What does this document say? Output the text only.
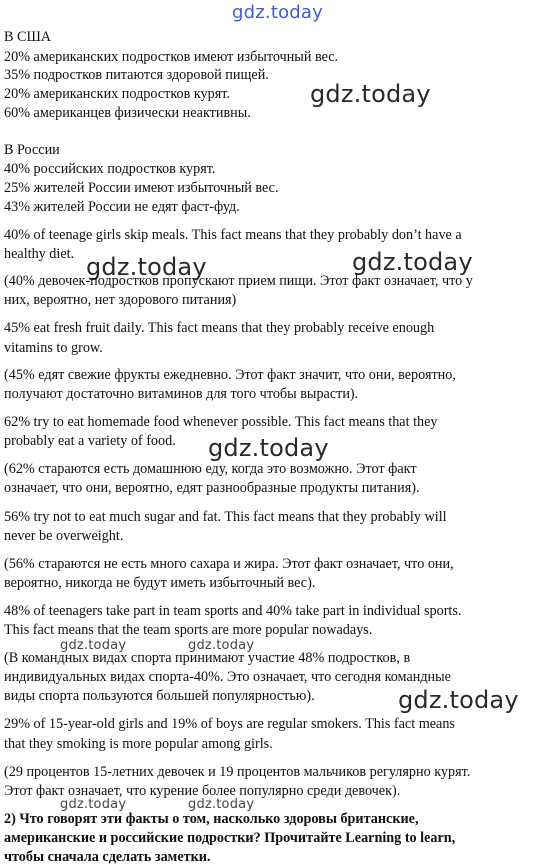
gdz.today
gdz.today
gdz.today	gdz.today
gdz.today
gdz.today	gdz.today
gdz.today
gdz.today	gdz.today
В США
20% американских подростков имеют избыточный вес.
35% подростков питаются здоровой пищей.
20% американских подростков курят.
60% американцев физически неактивны.
В России
40% российских подростков курят.
25% жителей России имеют избыточный вес.
43% жителей России не едят фаст-фуд.
40% of teenage girls skip meals. This fact means that they probably don’t have a
healthy diet.
(40% девочек-подростков пропускают прием пищи. Этот факт означает, что у
них, вероятно, нет здорового питания)
45% eat fresh fruit daily. This fact means that they probably receive enough
vitamins to grow.
(45% едят свежие фрукты ежедневно. Этот факт значит, что они, вероятно,
получают достаточно витаминов для того чтобы вырасти).
62% try to eat homemade food whenever possible. This fact means that they
probably eat a variety of food.
(62% стараются есть домашнюю еду, когда это возможно. Этот факт
означает, что они, вероятно, едят разнообразные продукты питания).
56% try not to eat much sugar and fat. This fact means that they probably will
never be overweight.
(56% стараются не есть много сахара и жира. Этот факт означает, что они,
вероятно, никогда не будут иметь избыточный вес).
48% of teenagers take part in team sports and 40% take part in individual sports.
This fact means that the team sports are more popular nowadays.
(В командных видах спорта принимают участие 48% подростков, в
индивидуальных видах спорта-40%. Это означает, что сегодня командные
виды спорта пользуются большей популярностью).
29% of 15-year-old girls and 19% of boys are regular smokers. This fact means
that they smoking is more popular among girls.
(29 процентов 15-летних девочек и 19 процентов мальчиков регулярно курят.
Этот факт означает, что курение более популярно среди девочек).
2) Что говорят эти факты о том, насколько здоровы британские,
американские и российские подростки? Прочитайте Learning to learn,
чтобы сначала сделать заметки.
